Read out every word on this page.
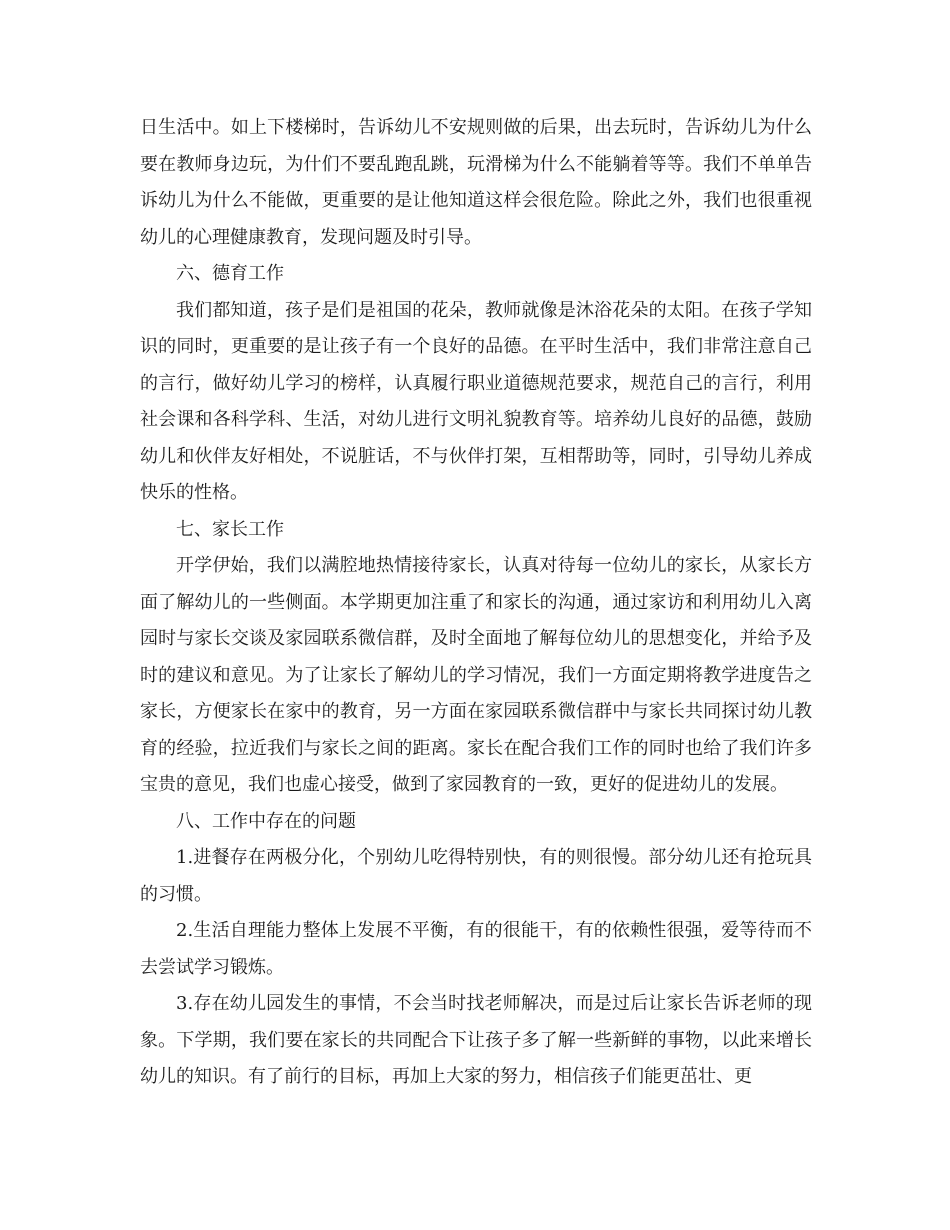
日生活中。如上下楼梯时，告诉幼儿不安规则做的后果，出去玩时，告诉幼儿为什么要在教师身边玩，为什们不要乱跑乱跳，玩滑梯为什么不能躺着等等。我们不单单告诉幼儿为什么不能做，更重要的是让他知道这样会很危险。除此之外，我们也很重视幼儿的心理健康教育，发现问题及时引导。

六、德育工作

我们都知道，孩子是们是祖国的花朵，教师就像是沐浴花朵的太阳。在孩子学知识的同时，更重要的是让孩子有一个良好的品德。在平时生活中，我们非常注意自己的言行，做好幼儿学习的榜样，认真履行职业道德规范要求，规范自己的言行，利用社会课和各科学科、生活，对幼儿进行文明礼貌教育等。培养幼儿良好的品德，鼓励幼儿和伙伴友好相处，不说脏话，不与伙伴打架，互相帮助等，同时，引导幼儿养成快乐的性格。

七、家长工作

开学伊始，我们以满腔地热情接待家长，认真对待每一位幼儿的家长，从家长方面了解幼儿的一些侧面。本学期更加注重了和家长的沟通，通过家访和利用幼儿入离园时与家长交谈及家园联系微信群，及时全面地了解每位幼儿的思想变化，并给予及时的建议和意见。为了让家长了解幼儿的学习情况，我们一方面定期将教学进度告之家长，方便家长在家中的教育，另一方面在家园联系微信群中与家长共同探讨幼儿教育的经验，拉近我们与家长之间的距离。家长在配合我们工作的同时也给了我们许多宝贵的意见，我们也虚心接受，做到了家园教育的一致，更好的促进幼儿的发展。

八、工作中存在的问题

1.进餐存在两极分化，个别幼儿吃得特别快，有的则很慢。部分幼儿还有抢玩具的习惯。

2.生活自理能力整体上发展不平衡，有的很能干，有的依赖性很强，爱等待而不去尝试学习锻炼。

3.存在幼儿园发生的事情，不会当时找老师解决，而是过后让家长告诉老师的现象。下学期，我们要在家长的共同配合下让孩子多了解一些新鲜的事物，以此来增长幼儿的知识。有了前行的目标，再加上大家的努力，相信孩子们能更茁壮、更
